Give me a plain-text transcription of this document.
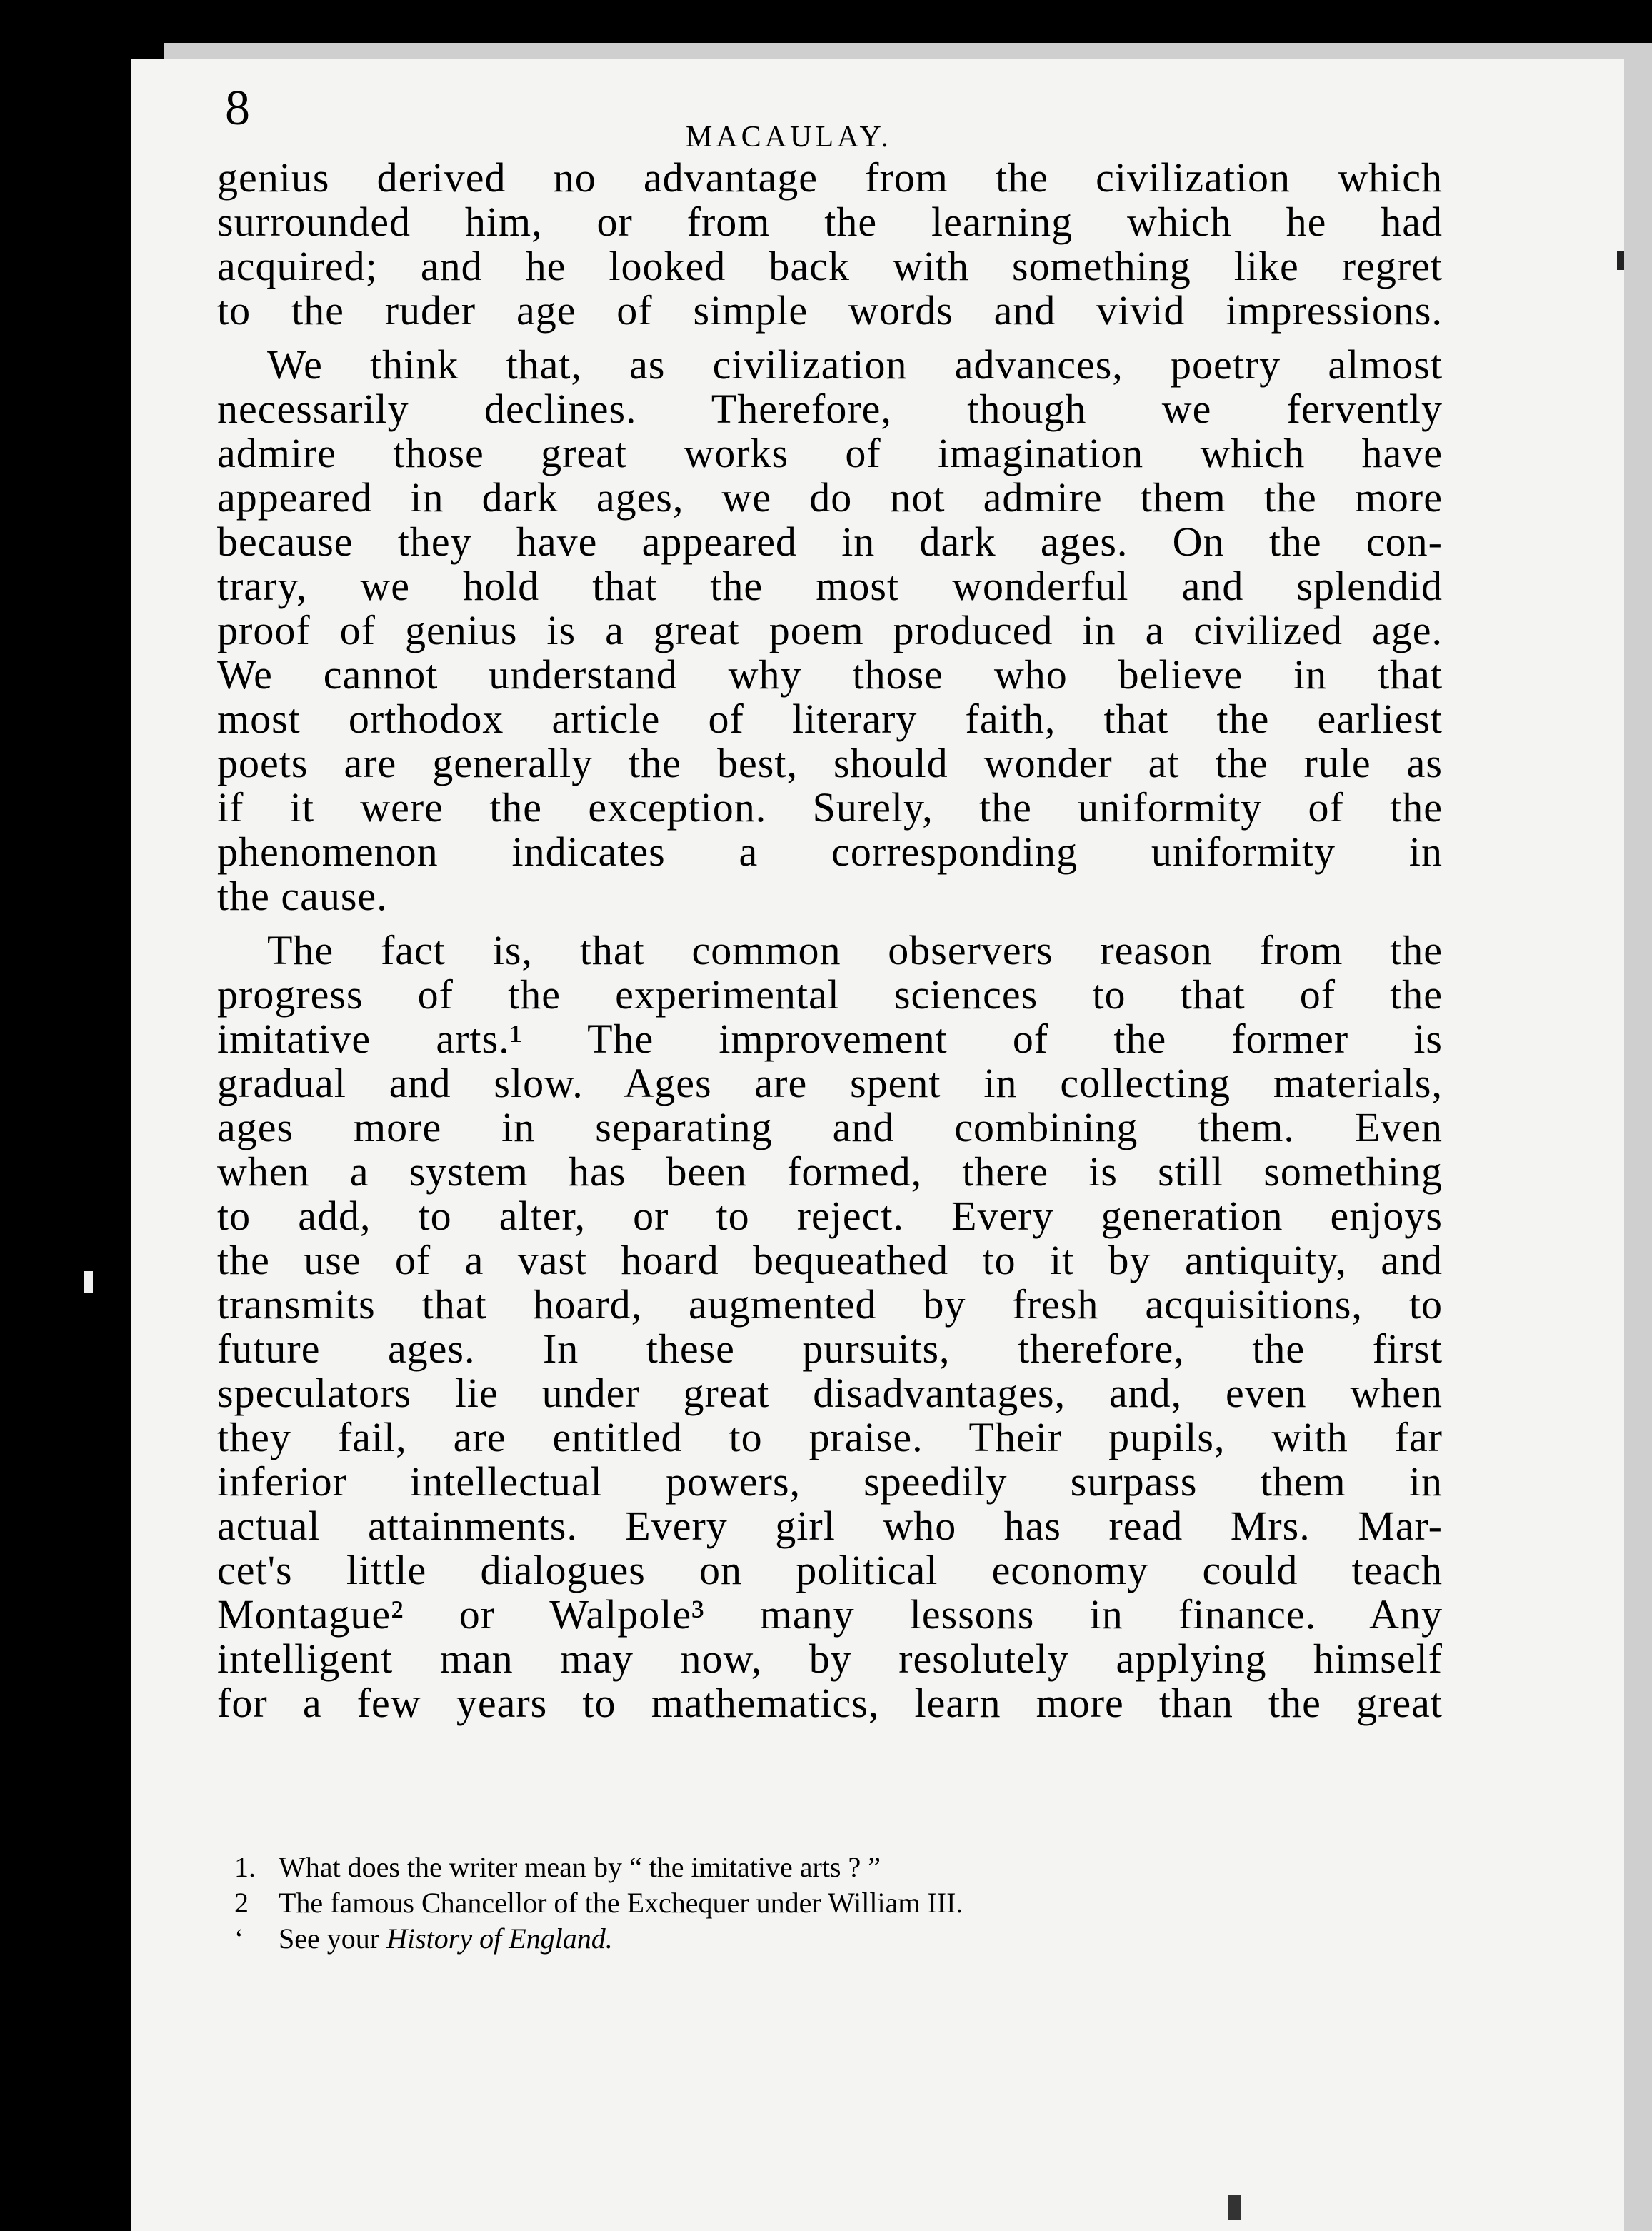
8
MACAULAY.
genius derived no advantage from the civilization which
surrounded him, or from the learning which he had
acquired; and he looked back with something like regret
to the ruder age of simple words and vivid impressions.
We think that, as civilization advances, poetry almost
necessarily declines. Therefore, though we fervently
admire those great works of imagination which have
appeared in dark ages, we do not admire them the more
because they have appeared in dark ages. On the con-
trary, we hold that the most wonderful and splendid
proof of genius is a great poem produced in a civilized age.
We cannot understand why those who believe in that
most orthodox article of literary faith, that the earliest
poets are generally the best, should wonder at the rule as
if it were the exception. Surely, the uniformity of the
phenomenon indicates a corresponding uniformity in
the cause.
The fact is, that common observers reason from the
progress of the experimental sciences to that of the
imitative arts.¹ The improvement of the former is
gradual and slow. Ages are spent in collecting materials,
ages more in separating and combining them. Even
when a system has been formed, there is still something
to add, to alter, or to reject. Every generation enjoys
the use of a vast hoard bequeathed to it by antiquity, and
transmits that hoard, augmented by fresh acquisitions, to
future ages. In these pursuits, therefore, the first
speculators lie under great disadvantages, and, even when
they fail, are entitled to praise. Their pupils, with far
inferior intellectual powers, speedily surpass them in
actual attainments. Every girl who has read Mrs. Mar-
cet's little dialogues on political economy could teach
Montague² or Walpole³ many lessons in finance. Any
intelligent man may now, by resolutely applying himself
for a few years to mathematics, learn more than the great
1. What does the writer mean by “ the imitative arts ? ”
2 The famous Chancellor of the Exchequer under William III.
‘ See your History of England.
